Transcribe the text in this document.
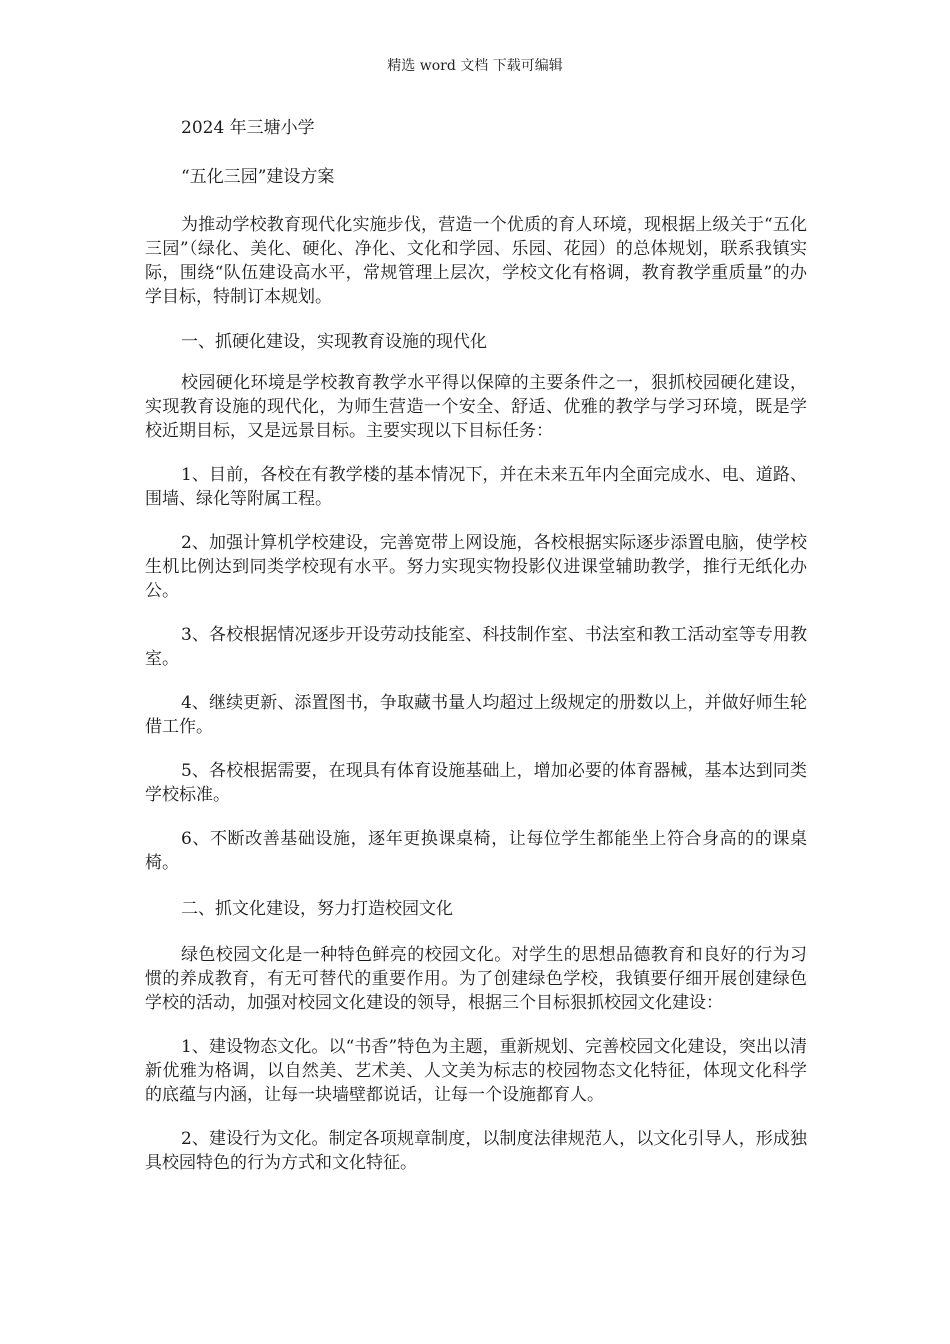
精选 word 文档 下载可编辑

2024 年三塘小学

“五化三园”建设方案

为推动学校教育现代化实施步伐，营造一个优质的育人环境，现根据上级关于“五化三园”（绿化、美化、硬化、净化、文化和学园、乐园、花园）的总体规划，联系我镇实际，围绕“队伍建设高水平，常规管理上层次，学校文化有格调，教育教学重质量”的办学目标，特制订本规划。

一、抓硬化建设，实现教育设施的现代化

校园硬化环境是学校教育教学水平得以保障的主要条件之一，狠抓校园硬化建设，实现教育设施的现代化，为师生营造一个安全、舒适、优雅的教学与学习环境，既是学校近期目标，又是远景目标。主要实现以下目标任务：

1、目前，各校在有教学楼的基本情况下，并在未来五年内全面完成水、电、道路、围墙、绿化等附属工程。

2、加强计算机学校建设，完善宽带上网设施，各校根据实际逐步添置电脑，使学校生机比例达到同类学校现有水平。努力实现实物投影仪进课堂辅助教学，推行无纸化办公。

3、各校根据情况逐步开设劳动技能室、科技制作室、书法室和教工活动室等专用教室。

4、继续更新、添置图书，争取藏书量人均超过上级规定的册数以上，并做好师生轮借工作。

5、各校根据需要，在现具有体育设施基础上，增加必要的体育器械，基本达到同类学校标准。

6、不断改善基础设施，逐年更换课桌椅，让每位学生都能坐上符合身高的的课桌椅。

二、抓文化建设，努力打造校园文化

绿色校园文化是一种特色鲜亮的校园文化。对学生的思想品德教育和良好的行为习惯的养成教育，有无可替代的重要作用。为了创建绿色学校，我镇要仔细开展创建绿色学校的活动，加强对校园文化建设的领导，根据三个目标狠抓校园文化建设：

1、建设物态文化。以“书香”特色为主题，重新规划、完善校园文化建设，突出以清新优雅为格调，以自然美、艺术美、人文美为标志的校园物态文化特征，体现文化科学的底蕴与内涵，让每一块墙壁都说话，让每一个设施都育人。

2、建设行为文化。制定各项规章制度，以制度法律规范人，以文化引导人，形成独具校园特色的行为方式和文化特征。
